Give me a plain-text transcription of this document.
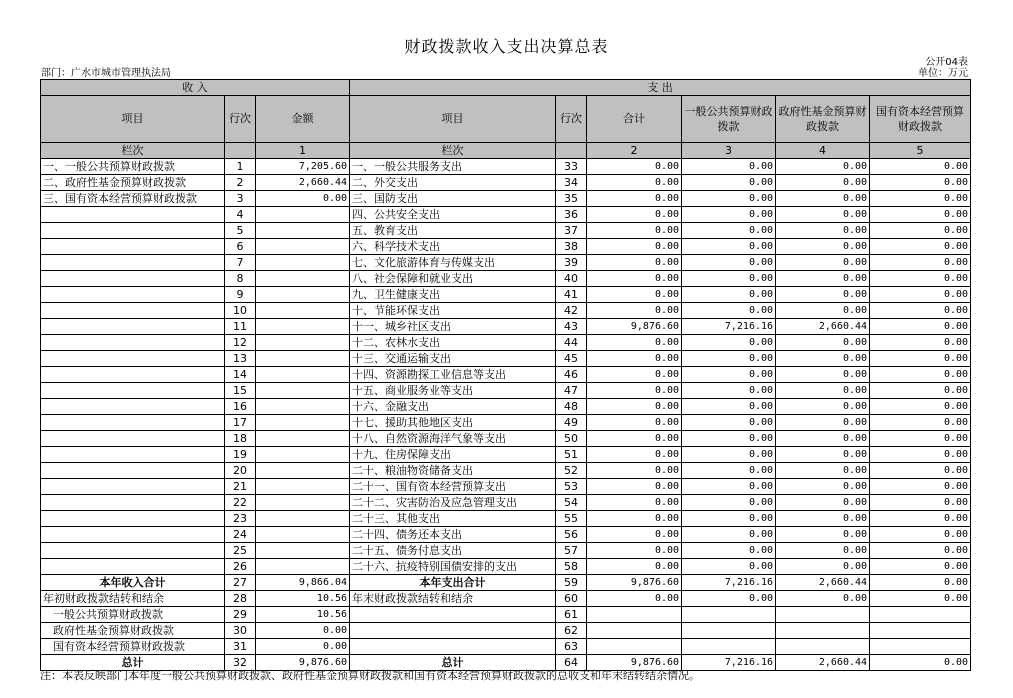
财政拨款收入支出决算总表
公开04表
部门：广水市城市管理执法局	单位：万元
收 入			支 出					
项目	行次	金额	项目	行次	合计	一般公共预算财政拨款	政府性基金预算财政拨款	国有资本经营预算财政拨款
栏次		1	栏次		2	3	4	5
一、一般公共预算财政拨款	1	7,205.60	一、一般公共服务支出	33	0.00	0.00	0.00	0.00
二、政府性基金预算财政拨款	2	2,660.44	二、外交支出	34	0.00	0.00	0.00	0.00
三、国有资本经营预算财政拨款	3	0.00	三、国防支出	35	0.00	0.00	0.00	0.00
	4		四、公共安全支出	36	0.00	0.00	0.00	0.00
	5		五、教育支出	37	0.00	0.00	0.00	0.00
	6		六、科学技术支出	38	0.00	0.00	0.00	0.00
	7		七、文化旅游体育与传媒支出	39	0.00	0.00	0.00	0.00
	8		八、社会保障和就业支出	40	0.00	0.00	0.00	0.00
	9		九、卫生健康支出	41	0.00	0.00	0.00	0.00
	10		十、节能环保支出	42	0.00	0.00	0.00	0.00
	11		十一、城乡社区支出	43	9,876.60	7,216.16	2,660.44	0.00
	12		十二、农林水支出	44	0.00	0.00	0.00	0.00
	13		十三、交通运输支出	45	0.00	0.00	0.00	0.00
	14		十四、资源勘探工业信息等支出	46	0.00	0.00	0.00	0.00
	15		十五、商业服务业等支出	47	0.00	0.00	0.00	0.00
	16		十六、金融支出	48	0.00	0.00	0.00	0.00
	17		十七、援助其他地区支出	49	0.00	0.00	0.00	0.00
	18		十八、自然资源海洋气象等支出	50	0.00	0.00	0.00	0.00
	19		十九、住房保障支出	51	0.00	0.00	0.00	0.00
	20		二十、粮油物资储备支出	52	0.00	0.00	0.00	0.00
	21		二十一、国有资本经营预算支出	53	0.00	0.00	0.00	0.00
	22		二十二、灾害防治及应急管理支出	54	0.00	0.00	0.00	0.00
	23		二十三、其他支出	55	0.00	0.00	0.00	0.00
	24		二十四、债务还本支出	56	0.00	0.00	0.00	0.00
	25		二十五、债务付息支出	57	0.00	0.00	0.00	0.00
	26		二十六、抗疫特别国债安排的支出	58	0.00	0.00	0.00	0.00
本年收入合计	27	9,866.04	本年支出合计	59	9,876.60	7,216.16	2,660.44	0.00
年初财政拨款结转和结余	28	10.56	年末财政拨款结转和结余	60	0.00	0.00	0.00	0.00
一般公共预算财政拨款	29	10.56		61				
政府性基金预算财政拨款	30	0.00		62				
国有资本经营预算财政拨款	31	0.00		63				
总计	32	9,876.60	总计	64	9,876.60	7,216.16	2,660.44	0.00
注：本表反映部门本年度一般公共预算财政拨款、政府性基金预算财政拨款和国有资本经营预算财政拨款的总收支和年末结转结余情况。
